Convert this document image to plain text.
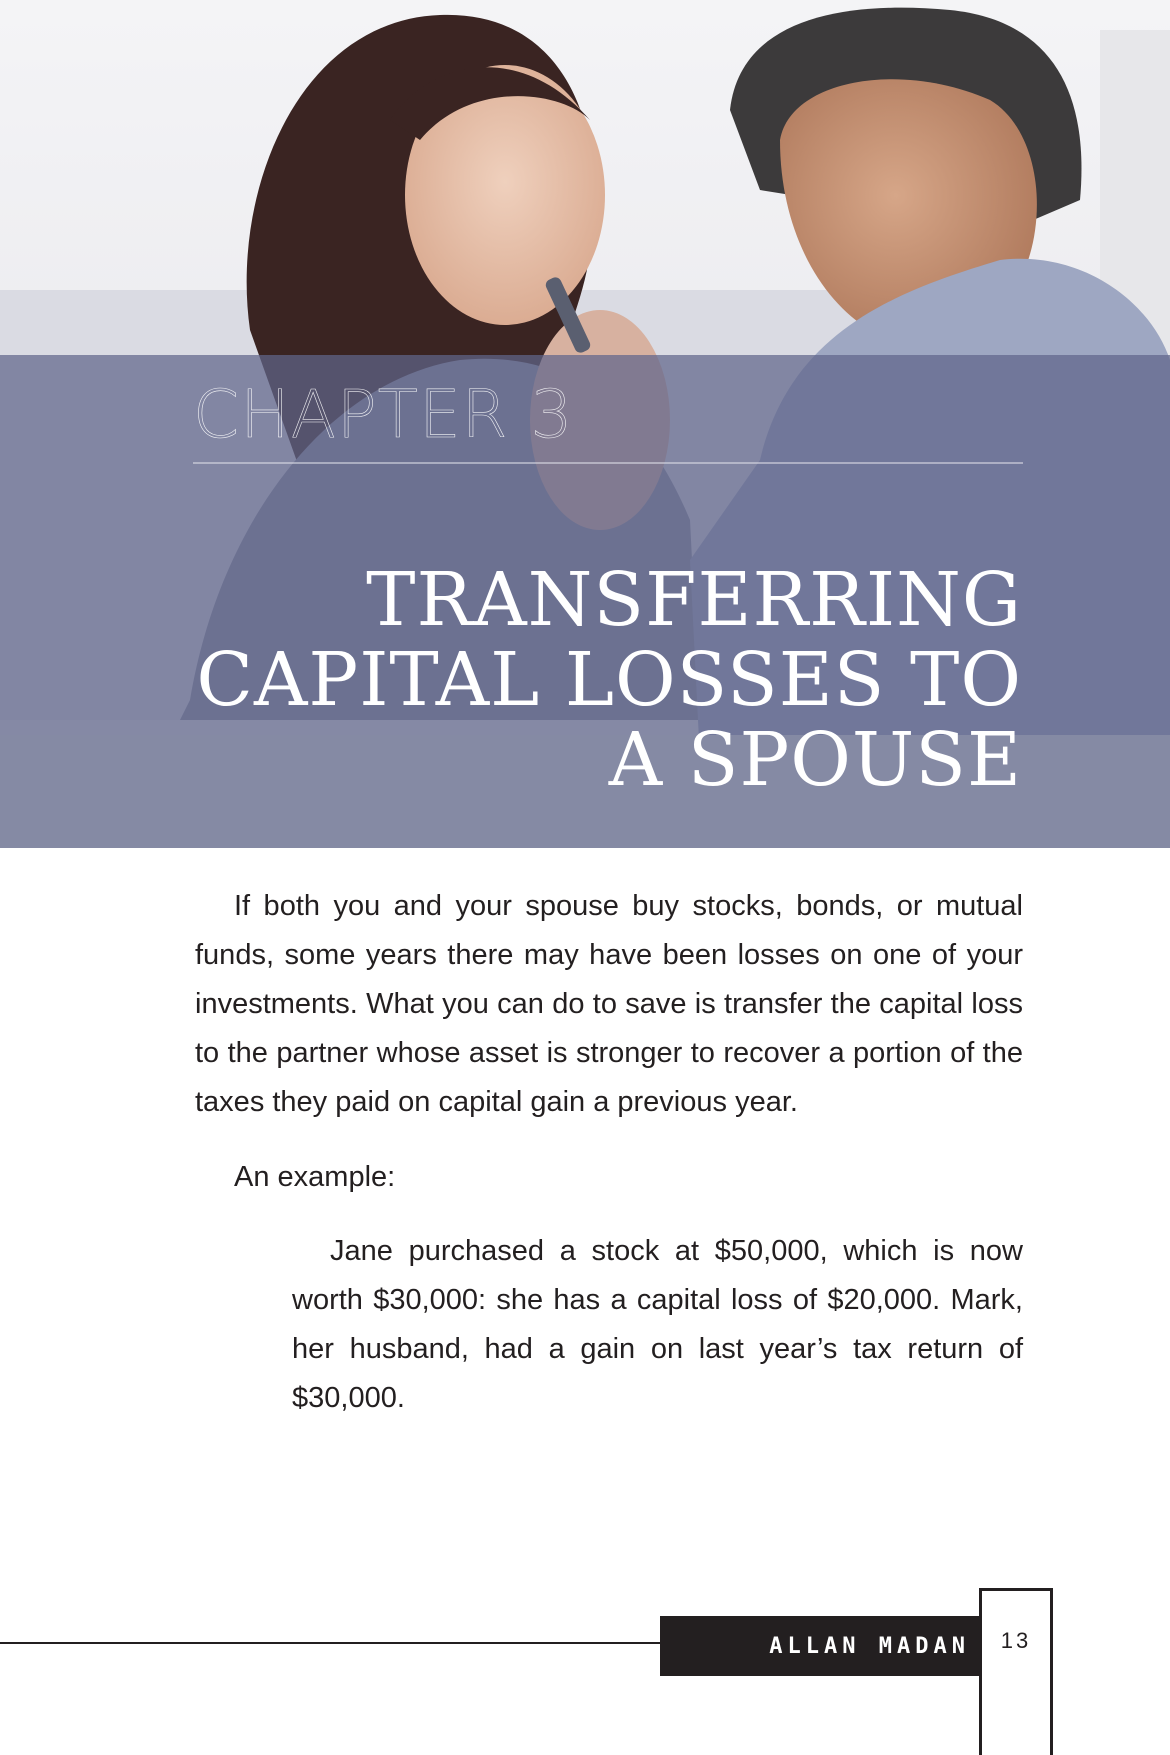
CHAPTER 3
TRANSFERRING
CAPITAL LOSSES TO
A SPOUSE

If both you and your spouse buy stocks, bonds, or mutual funds, some years there may have been losses on one of your investments. What you can do to save is transfer the capital loss to the partner whose asset is stronger to recover a portion of the taxes they paid on capital gain a previous year.

An example:

Jane purchased a stock at $50,000, which is now worth $30,000: she has a capital loss of $20,000. Mark, her husband, had a gain on last year’s tax return of $30,000.

ALLAN MADAN	13
